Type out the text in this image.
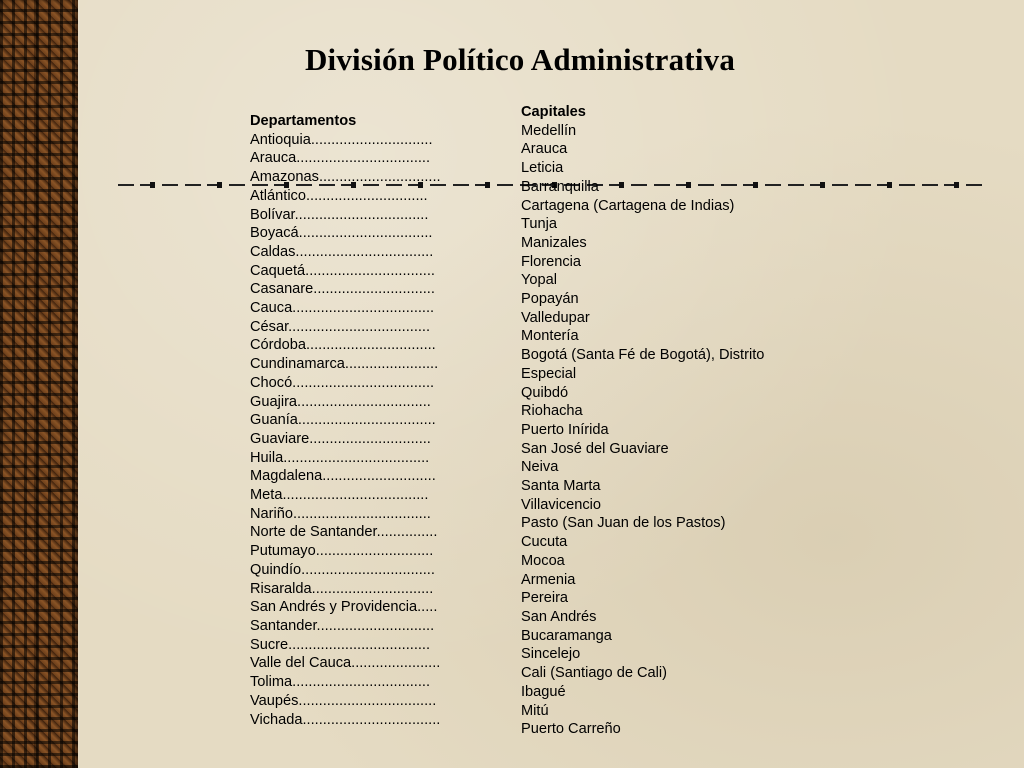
División Político Administrativa
Departamentos
Antioquia..............................
Arauca.................................
Amazonas..............................
Atlántico..............................
Bolívar.................................
Boyacá.................................
Caldas..................................
Caquetá................................
Casanare..............................
Cauca...................................
César...................................
Córdoba................................
Cundinamarca.......................
Chocó...................................
Guajira.................................
Guanía..................................
Guaviare..............................
Huila....................................
Magdalena............................
Meta....................................
Nariño..................................
Norte de Santander...............
Putumayo.............................
Quindío.................................
Risaralda..............................
San Andrés y Providencia.....
Santander.............................
Sucre...................................
Valle del Cauca......................
Tolima..................................
Vaupés..................................
Vichada..................................
Capitales
Medellín
Arauca
Leticia
Barranquilla
Cartagena (Cartagena de Indias)
Tunja
Manizales
Florencia
Yopal
Popayán
Valledupar
Montería
Bogotá (Santa Fé de Bogotá), Distrito
Especial
Quibdó
Riohacha
Puerto Inírida
San José del Guaviare
Neiva
Santa Marta
Villavicencio
Pasto (San Juan de los Pastos)
Cucuta
Mocoa
Armenia
Pereira
San Andrés
Bucaramanga
Sincelejo
Cali (Santiago de Cali)
Ibagué
Mitú
Puerto Carreño
